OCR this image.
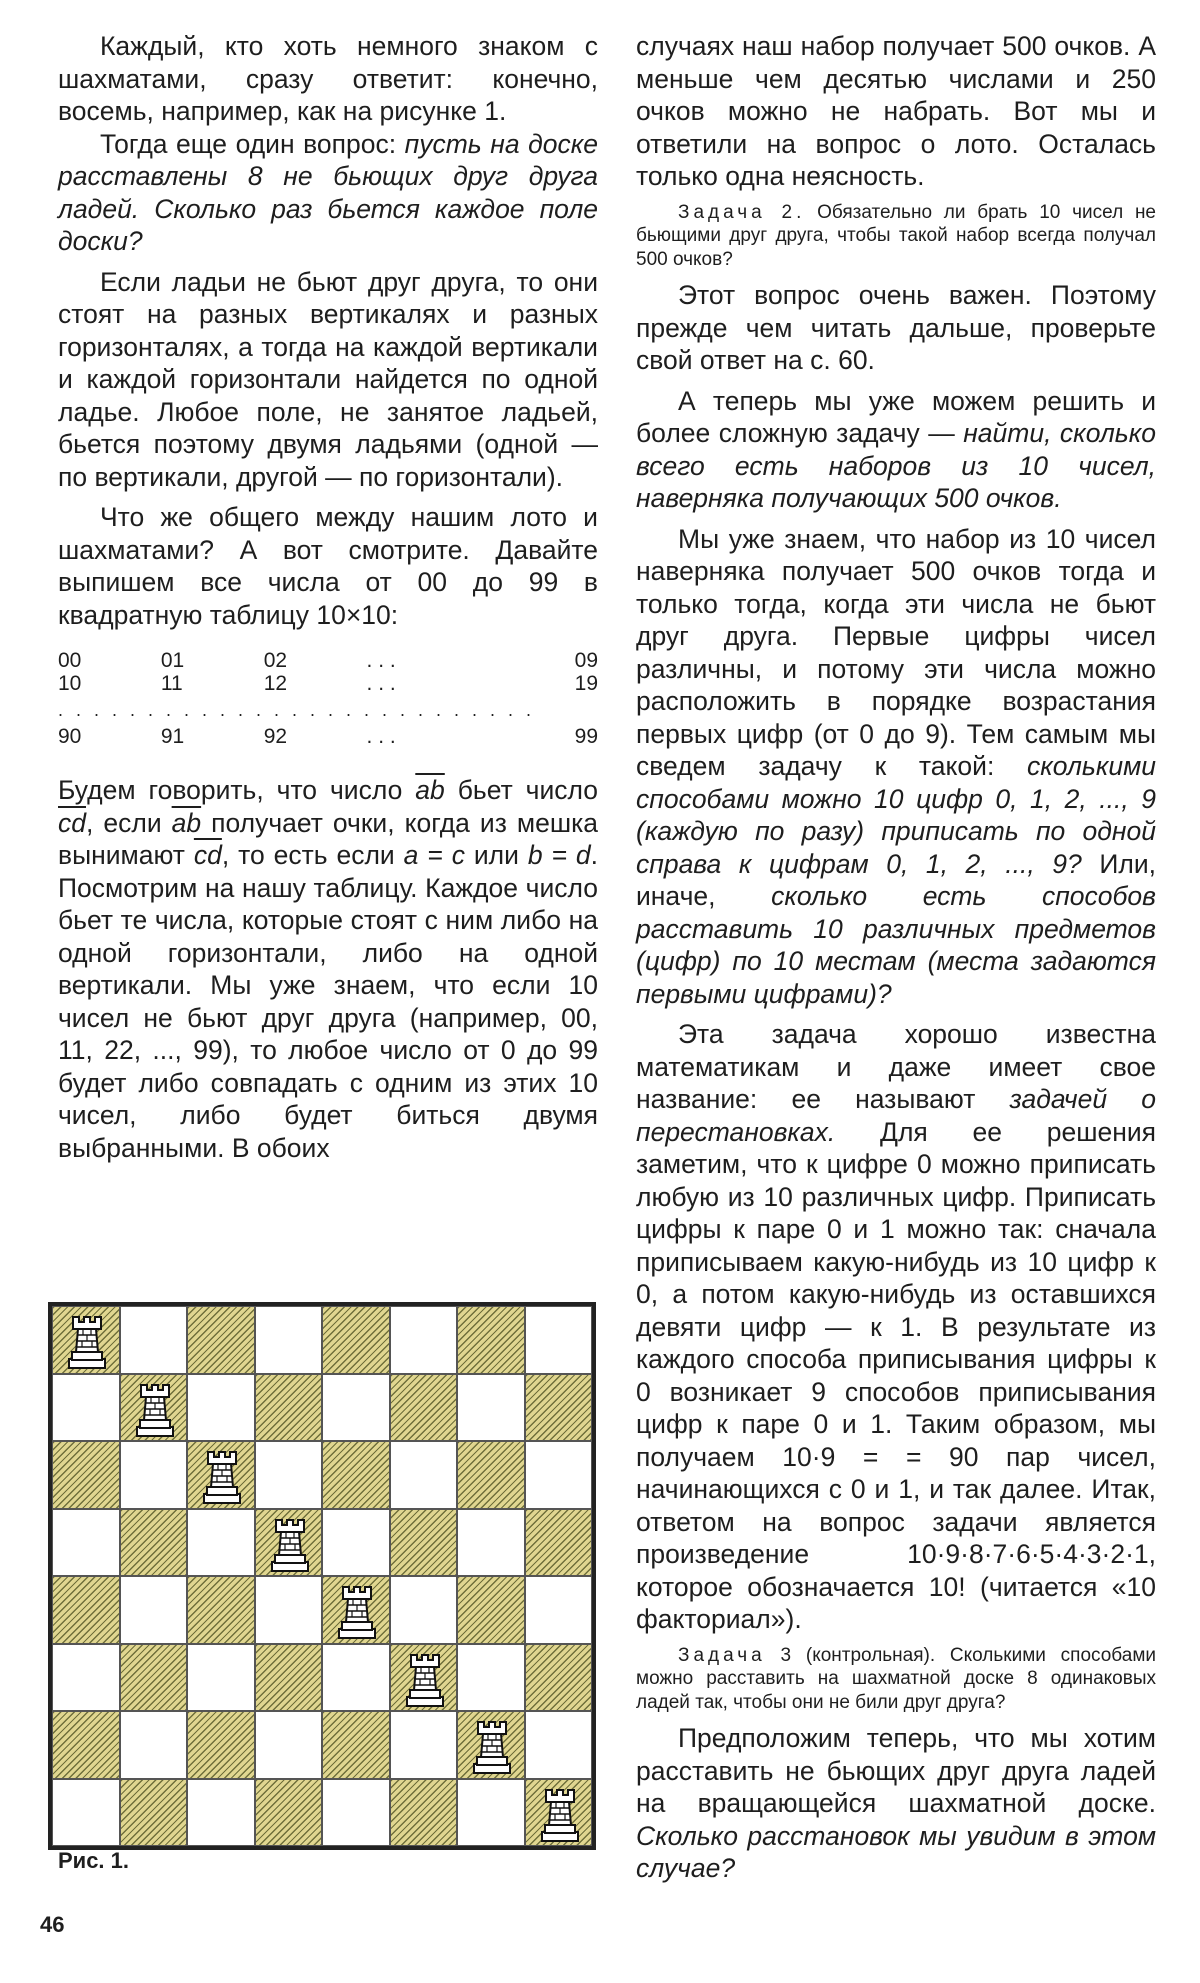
Каждый, кто хоть немного знаком с шахматами, сразу ответит: конечно, восемь, например, как на рисунке 1.

Тогда еще один вопрос: пусть на доске расставлены 8 не бьющих друг друга ладей. Сколько раз бьется каждое поле доски?

Если ладьи не бьют друг друга, то они стоят на разных вертикалях и разных горизонталях, а тогда на каждой вертикали и каждой горизонтали найдется по одной ладье. Любое поле, не занятое ладьей, бьется поэтому двумя ладьями (одной — по вертикали, другой — по горизонтали).

Что же общего между нашим лото и шахматами? А вот смотрите. Давайте выпишем все числа от 00 до 99 в квадратную таблицу 10×10:

00	01	02	. . .	09
10	11	12	. . .	19
...........................				
90	91	92	. . .	99

Будем говорить, что число $\overline{ab}$ бьет число $\overline{cd}$, если $\overline{ab}$ получает очки, когда из мешка вынимают $\overline{cd}$, то есть если a = c или b = d. Посмотрим на нашу таблицу. Каждое число бьет те числа, которые стоят с ним либо на одной горизонтали, либо на одной вертикали. Мы уже знаем, что если 10 чисел не бьют друг друга (например, 00, 11, 22, ..., 99), то любое число от 0 до 99 будет либо совпадать с одним из этих 10 чисел, либо будет биться двумя выбранными. В обоих

случаях наш набор получает 500 очков. А меньше чем десятью числами и 250 очков можно не набрать. Вот мы и ответили на вопрос о лото. Осталась только одна неясность.

Задача 2. Обязательно ли брать 10 чисел не бьющими друг друга, чтобы такой набор всегда получал 500 очков?

Этот вопрос очень важен. Поэтому прежде чем читать дальше, проверьте свой ответ на с. 60.

А теперь мы уже можем решить и более сложную задачу — найти, сколько всего есть наборов из 10 чисел, наверняка получающих 500 очков.

Мы уже знаем, что набор из 10 чисел наверняка получает 500 очков тогда и только тогда, когда эти числа не бьют друг друга. Первые цифры чисел различны, и потому эти числа можно расположить в порядке возрастания первых цифр (от 0 до 9). Тем самым мы сведем задачу к такой: сколькими способами можно 10 цифр 0, 1, 2, ..., 9 (каждую по разу) приписать по одной справа к цифрам 0, 1, 2, ..., 9? Или, иначе, сколько есть способов расставить 10 различных предметов (цифр) по 10 местам (места задаются первыми цифрами)?

Эта задача хорошо известна математикам и даже имеет свое название: ее называют задачей о перестановках. Для ее решения заметим, что к цифре 0 можно приписать любую из 10 различных цифр. Приписать цифры к паре 0 и 1 можно так: сначала приписываем какую-нибудь из 10 цифр к 0, а потом какую-нибудь из оставшихся девяти цифр — к 1. В результате из каждого способа приписывания цифры к 0 возникает 9 способов приписывания цифр к паре 0 и 1. Таким образом, мы получаем 10·9 = = 90 пар чисел, начинающихся с 0 и 1, и так далее. Итак, ответом на вопрос задачи является произведение 10·9·8·7·6·5·4·3·2·1, которое обозначается 10! (читается «10 факториал»).

Задача 3 (контрольная). Сколькими способами можно расставить на шахматной доске 8 одинаковых ладей так, чтобы они не били друг друга?

Предположим теперь, что мы хотим расставить не бьющих друг друга ладей на вращающейся шахматной доске. Сколько расстановок мы увидим в этом случае?

Рис. 1.
46
